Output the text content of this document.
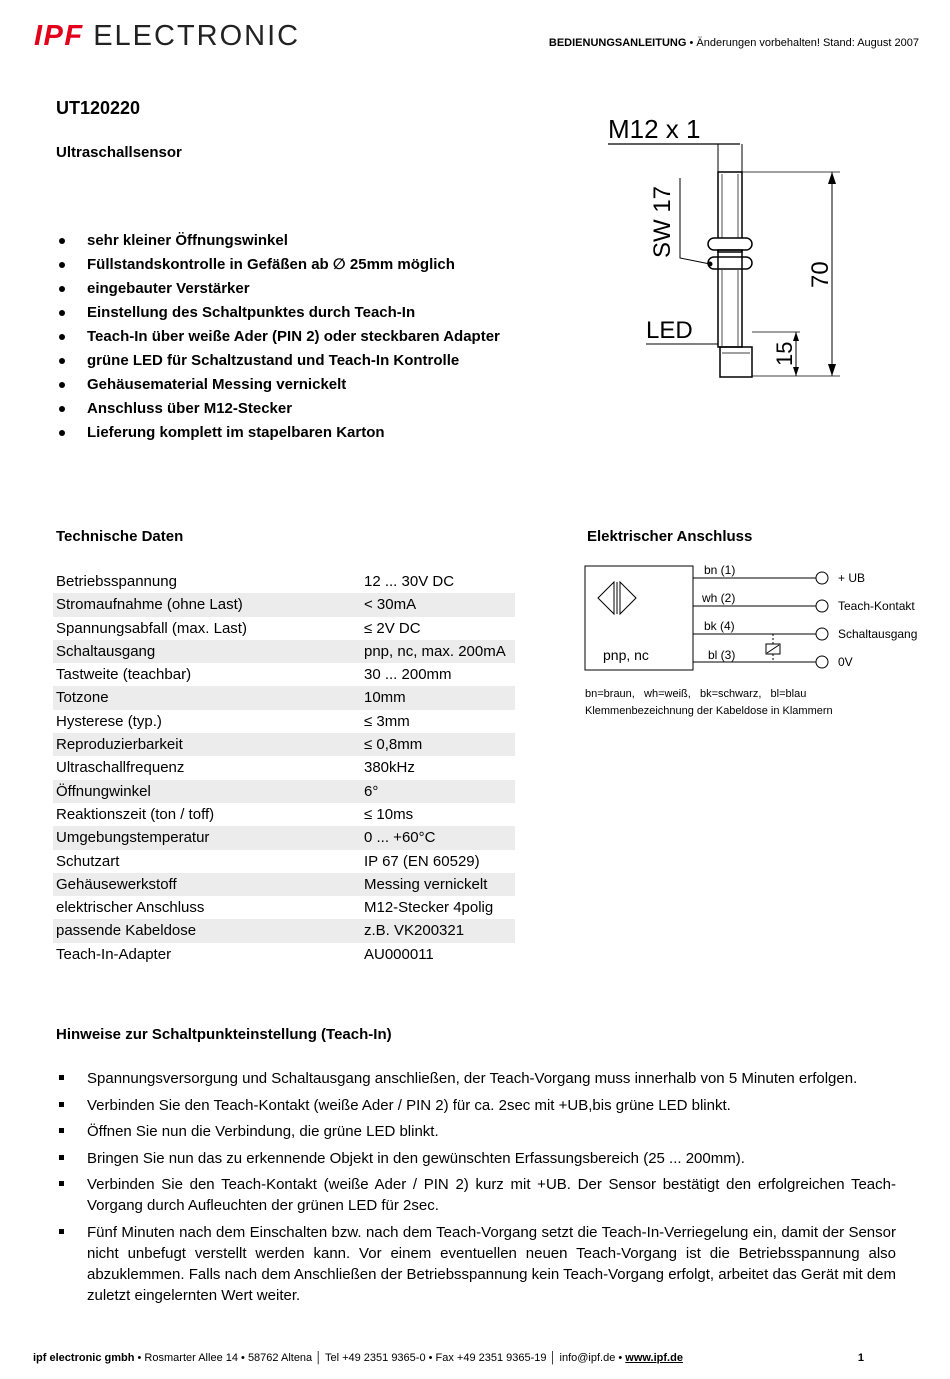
IPF ELECTRONIC	BEDIENUNGSANLEITUNG • Änderungen vorbehalten! Stand: August 2007
UT120220
Ultraschallsensor
sehr kleiner Öffnungswinkel
Füllstandskontrolle in Gefäßen ab ∅ 25mm möglich
eingebauter Verstärker
Einstellung des Schaltpunktes durch Teach-In
Teach-In über weiße Ader (PIN 2) oder steckbaren Adapter
grüne LED für Schaltzustand und Teach-In Kontrolle
Gehäusematerial Messing vernickelt
Anschluss über M12-Stecker
Lieferung komplett im stapelbaren Karton
M12 x 1
SW 17
LED
70
15
Technische Daten
Betriebsspannung	12 ... 30V DC
Stromaufnahme (ohne Last)	< 30mA
Spannungsabfall (max. Last)	≤ 2V DC
Schaltausgang	pnp, nc, max. 200mA
Tastweite (teachbar)	30 ... 200mm
Totzone	10mm
Hysterese (typ.)	≤ 3mm
Reproduzierbarkeit	≤ 0,8mm
Ultraschallfrequenz	380kHz
Öffnungwinkel	6°
Reaktionszeit (ton / toff)	≤ 10ms
Umgebungstemperatur	0 ... +60°C
Schutzart	IP 67 (EN 60529)
Gehäusewerkstoff	Messing vernickelt
elektrischer Anschluss	M12-Stecker 4polig
passende Kabeldose	z.B. VK200321
Teach-In-Adapter	AU000011
Elektrischer Anschluss
pnp, nc
bn (1)
wh (2)
bk (4)
bl (3)
+ UB
Teach-Kontakt
Schaltausgang
0V
bn=braun,   wh=weiß,   bk=schwarz,   bl=blau
Klemmenbezeichnung der Kabeldose in Klammern
Hinweise zur Schaltpunkteinstellung (Teach-In)
Spannungsversorgung und Schaltausgang anschließen, der Teach-Vorgang muss innerhalb von 5 Minuten erfolgen.
Verbinden Sie den Teach-Kontakt (weiße Ader / PIN 2) für ca. 2sec mit +UB,bis grüne LED blinkt.
Öffnen Sie nun die Verbindung, die grüne LED blinkt.
Bringen Sie nun das zu erkennende Objekt in den gewünschten Erfassungsbereich (25 ... 200mm).
Verbinden Sie den Teach-Kontakt (weiße Ader / PIN 2) kurz mit +UB. Der Sensor bestätigt den erfolgreichen Teach-Vorgang durch Aufleuchten der grünen LED für 2sec.
Fünf Minuten nach dem Einschalten bzw. nach dem Teach-Vorgang setzt die Teach-In-Verriegelung ein, damit der Sensor nicht unbefugt verstellt werden kann. Vor einem eventuellen neuen Teach-Vorgang ist die Betriebsspannung also abzuklemmen. Falls nach dem Anschließen der Betriebsspannung kein Teach-Vorgang erfolgt, arbeitet das Gerät mit dem zuletzt eingelernten Wert weiter.
ipf electronic gmbh • Rosmarter Allee 14 • 58762 Altena │ Tel +49 2351 9365-0 • Fax +49 2351 9365-19 │ info@ipf.de • www.ipf.de	1
